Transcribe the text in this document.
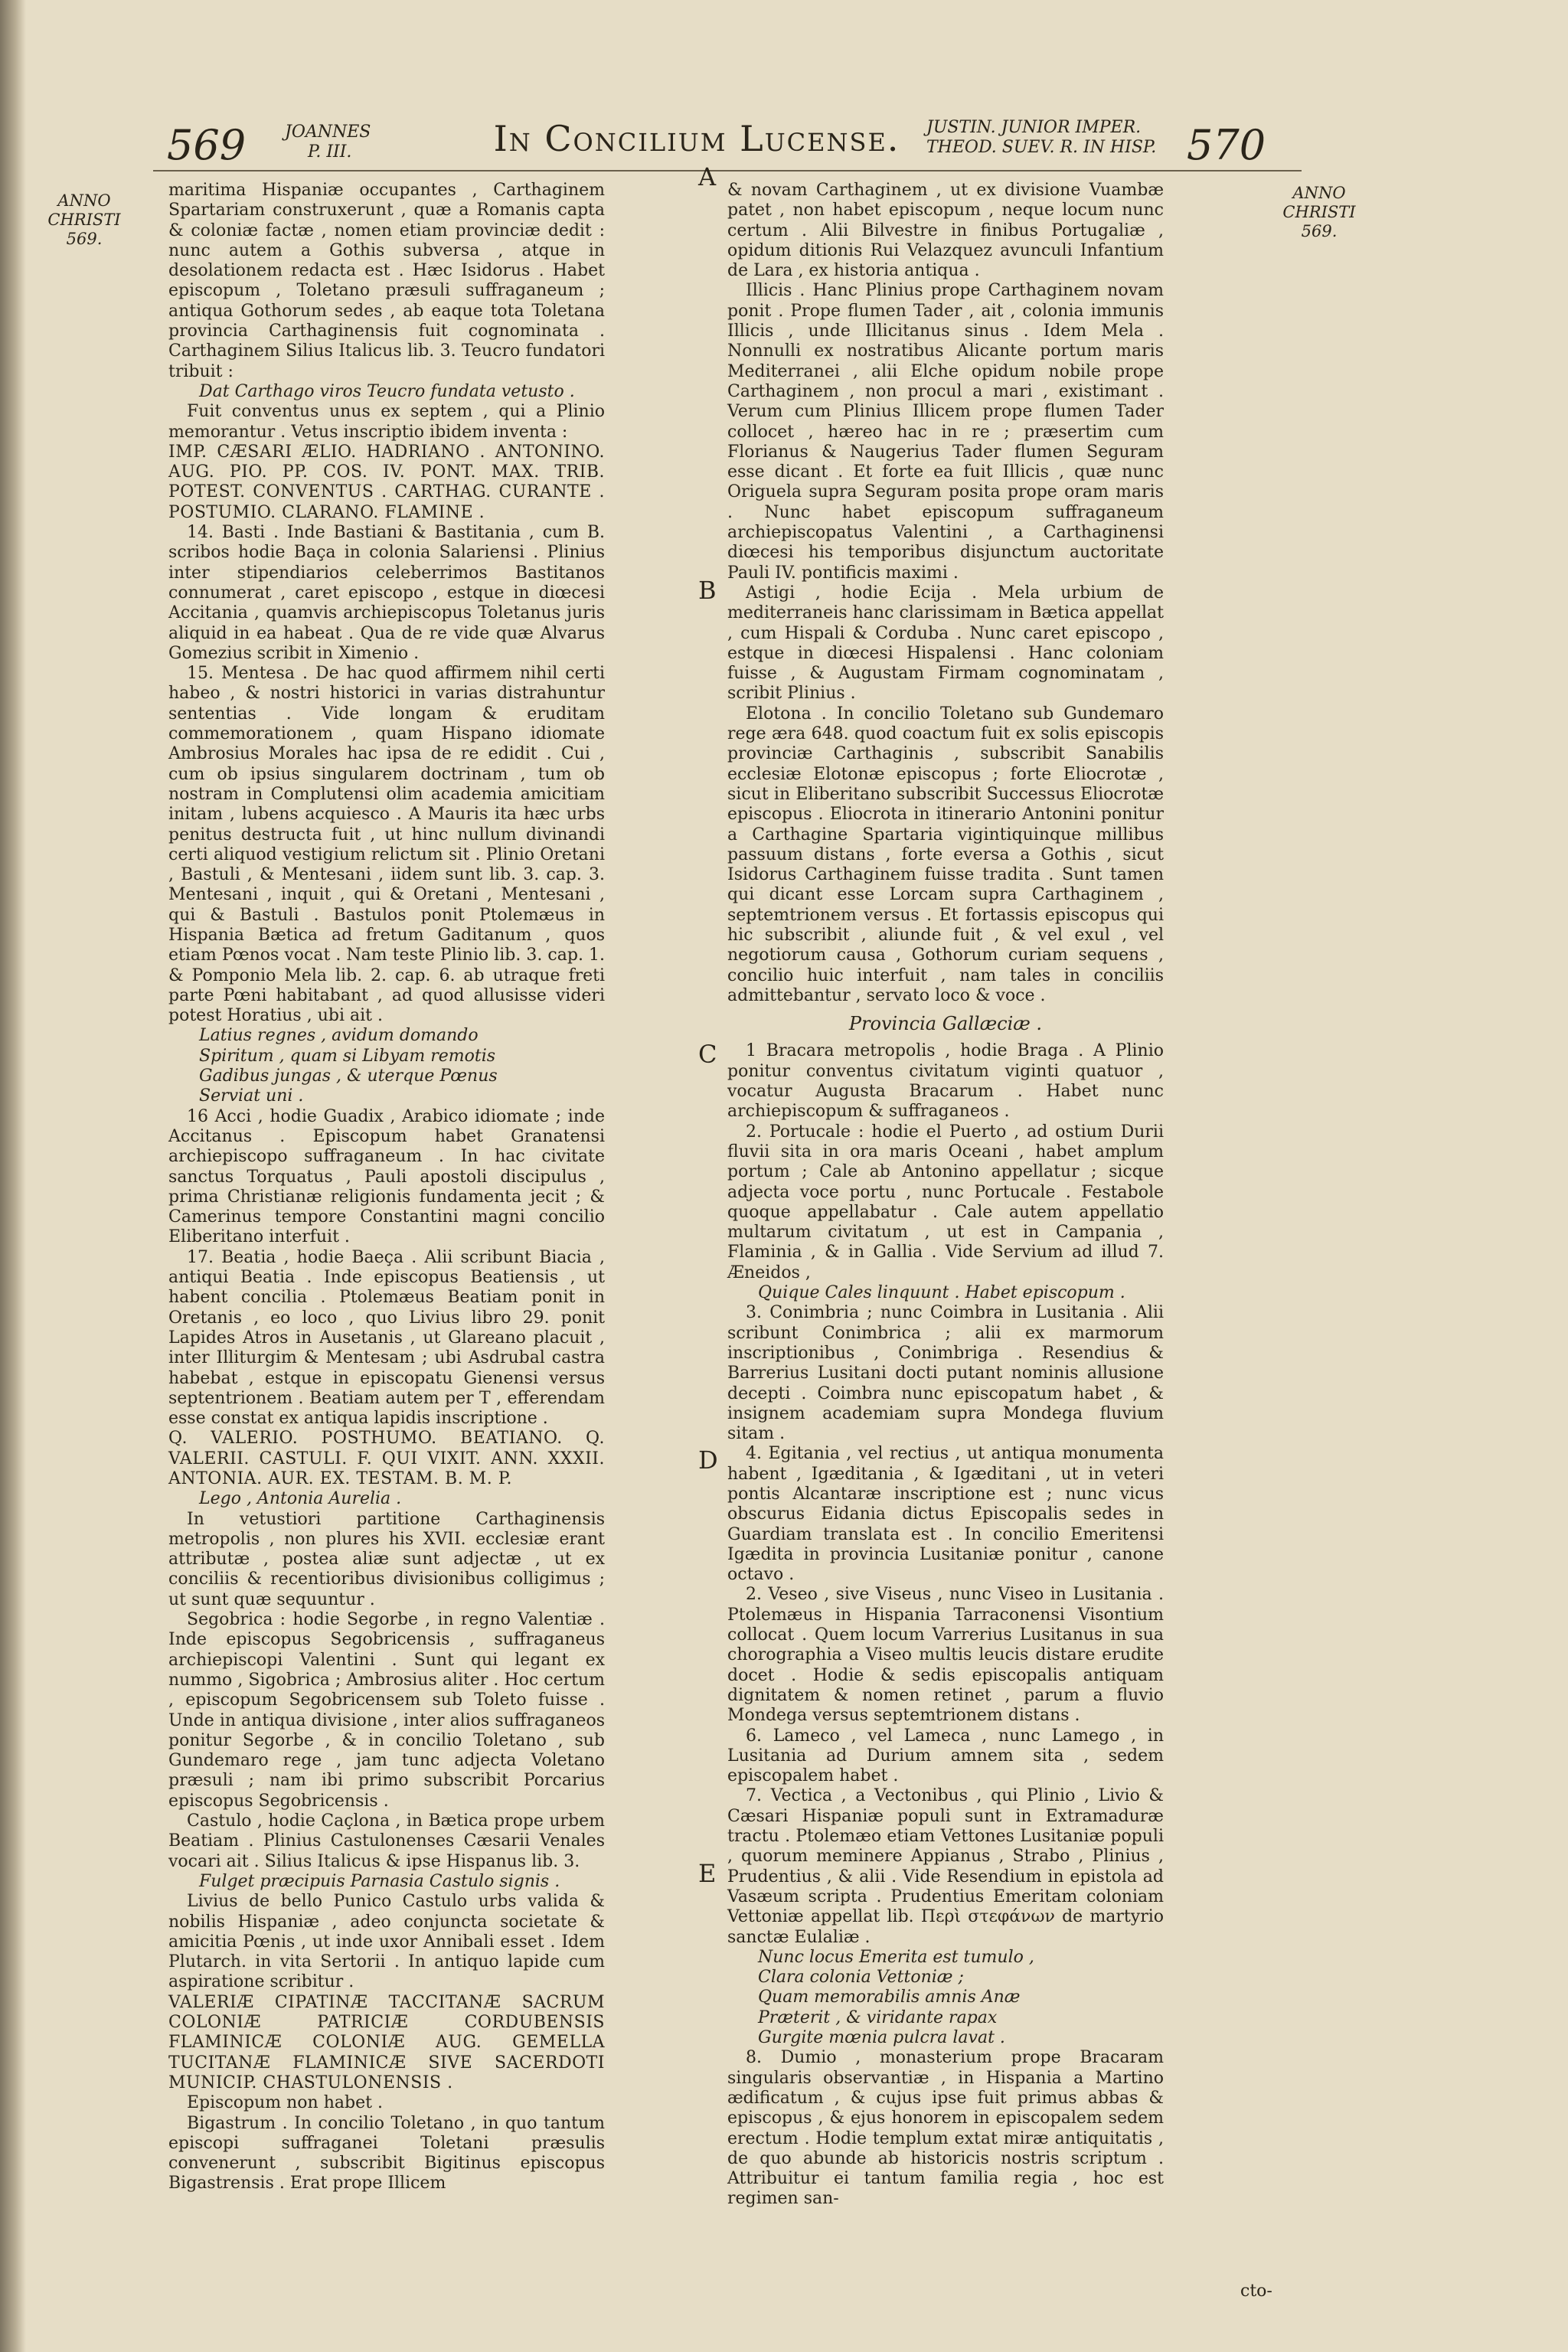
569 JOANNES
P. III.	In Concilium Lucense.	JUSTIN. JUNIOR IMPER.
THEOD. SUEV. R. IN HISP. 570
ANNO
CHRISTI
569.
ANNO
CHRISTI
569.
A
B
C
D
E

maritima Hispaniæ occupantes , Carthaginem Spartariam construxerunt , quæ a Romanis capta & coloniæ factæ , nomen etiam provinciæ dedit : nunc autem a Gothis subversa , atque in desolationem redacta est . Hæc Isidorus . Habet episcopum , Toletano præsuli suffraganeum ; antiqua Gothorum sedes , ab eaque tota Toletana provincia Carthaginensis fuit cognominata . Carthaginem Silius Italicus lib. 3. Teucro fundatori tribuit :

Dat Carthago viros Teucro fundata vetusto .

Fuit conventus unus ex septem , qui a Plinio memorantur . Vetus inscriptio ibidem inventa :

IMP. CÆSARI ÆLIO. HADRIANO . ANTONINO. AUG. PIO. PP. COS. IV. PONT. MAX. TRIB. POTEST. CONVENTUS . CARTHAG. CURANTE . POSTUMIO. CLARANO. FLAMINE .

14. Basti . Inde Bastiani & Bastitania , cum B. scribos hodie Baça in colonia Salariensi . Plinius inter stipendiarios celeberrimos Bastitanos connumerat , caret episcopo , estque in diœcesi Accitania , quamvis archiepiscopus Toletanus juris aliquid in ea habeat . Qua de re vide quæ Alvarus Gomezius scribit in Ximenio .

15. Mentesa . De hac quod affirmem nihil certi habeo , & nostri historici in varias distrahuntur sententias . Vide longam & eruditam commemorationem , quam Hispano idiomate Ambrosius Morales hac ipsa de re edidit . Cui , cum ob ipsius singularem doctrinam , tum ob nostram in Complutensi olim academia amicitiam initam , lubens acquiesco . A Mauris ita hæc urbs penitus destructa fuit , ut hinc nullum divinandi certi aliquod vestigium relictum sit . Plinio Oretani , Bastuli , & Mentesani , iidem sunt lib. 3. cap. 3. Mentesani , inquit , qui & Oretani , Mentesani , qui & Bastuli . Bastulos ponit Ptolemæus in Hispania Bætica ad fretum Gaditanum , quos etiam Pœnos vocat . Nam teste Plinio lib. 3. cap. 1. & Pomponio Mela lib. 2. cap. 6. ab utraque freti parte Pœni habitabant , ad quod allusisse videri potest Horatius , ubi ait .

Latius regnes , avidum domando

Spiritum , quam si Libyam remotis

Gadibus jungas , & uterque Pœnus

Serviat uni .

16 Acci , hodie Guadix , Arabico idiomate ; inde Accitanus . Episcopum habet Granatensi archiepiscopo suffraganeum . In hac civitate sanctus Torquatus , Pauli apostoli discipulus , prima Christianæ religionis fundamenta jecit ; & Camerinus tempore Constantini magni concilio Eliberitano interfuit .

17. Beatia , hodie Baeça . Alii scribunt Biacia , antiqui Beatia . Inde episcopus Beatiensis , ut habent concilia . Ptolemæus Beatiam ponit in Oretanis , eo loco , quo Livius libro 29. ponit Lapides Atros in Ausetanis , ut Glareano placuit , inter Illiturgim & Mentesam ; ubi Asdrubal castra habebat , estque in episcopatu Gienensi versus septentrionem . Beatiam autem per T , efferendam esse constat ex antiqua lapidis inscriptione .

Q. VALERIO. POSTHUMO. BEATIANO. Q. VALERII. CASTULI. F. QUI VIXIT. ANN. XXXII. ANTONIA. AUR. EX. TESTAM. B. M. P.

Lego , Antonia Aurelia .

In vetustiori partitione Carthaginensis metropolis , non plures his XVII. ecclesiæ erant attributæ , postea aliæ sunt adjectæ , ut ex conciliis & recentioribus divisionibus colligimus ; ut sunt quæ sequuntur .

Segobrica : hodie Segorbe , in regno Valentiæ . Inde episcopus Segobricensis , suffraganeus archiepiscopi Valentini . Sunt qui legant ex nummo , Sigobrica ; Ambrosius aliter . Hoc certum , episcopum Segobricensem sub Toleto fuisse . Unde in antiqua divisione , inter alios suffraganeos ponitur Segorbe , & in concilio Toletano , sub Gundemaro rege , jam tunc adjecta Voletano præsuli ; nam ibi primo subscribit Porcarius episcopus Segobricensis .

Castulo , hodie Caçlona , in Bætica prope urbem Beatiam . Plinius Castulonenses Cæsarii Venales vocari ait . Silius Italicus & ipse Hispanus lib. 3.

Fulget præcipuis Parnasia Castulo signis .

Livius de bello Punico Castulo urbs valida & nobilis Hispaniæ , adeo conjuncta societate & amicitia Pœnis , ut inde uxor Annibali esset . Idem Plutarch. in vita Sertorii . In antiquo lapide cum aspiratione scribitur .

VALERIÆ CIPATINÆ TACCITANÆ SACRUM COLONIÆ PATRICIÆ CORDUBENSIS FLAMINICÆ COLONIÆ AUG. GEMELLA TUCITANÆ FLAMINICÆ SIVE SACERDOTI MUNICIP. CHASTULONENSIS .

Episcopum non habet .

Bigastrum . In concilio Toletano , in quo tantum episcopi suffraganei Toletani præsulis convenerunt , subscribit Bigitinus episcopus Bigastrensis . Erat prope Illicem

& novam Carthaginem , ut ex divisione Vuambæ patet , non habet episcopum , neque locum nunc certum . Alii Bilvestre in finibus Portugaliæ , opidum ditionis Rui Velazquez avunculi Infantium de Lara , ex historia antiqua .

Illicis . Hanc Plinius prope Carthaginem novam ponit . Prope flumen Tader , ait , colonia immunis Illicis , unde Illicitanus sinus . Idem Mela . Nonnulli ex nostratibus Alicante portum maris Mediterranei , alii Elche opidum nobile prope Carthaginem , non procul a mari , existimant . Verum cum Plinius Illicem prope flumen Tader collocet , hæreo hac in re ; præsertim cum Florianus & Naugerius Tader flumen Seguram esse dicant . Et forte ea fuit Illicis , quæ nunc Origuela supra Seguram posita prope oram maris . Nunc habet episcopum suffraganeum archiepiscopatus Valentini , a Carthaginensi diœcesi his temporibus disjunctum auctoritate Pauli IV. pontificis maximi .

Astigi , hodie Ecija . Mela urbium de mediterraneis hanc clarissimam in Bætica appellat , cum Hispali & Corduba . Nunc caret episcopo , estque in diœcesi Hispalensi . Hanc coloniam fuisse , & Augustam Firmam cognominatam , scribit Plinius .

Elotona . In concilio Toletano sub Gundemaro rege æra 648. quod coactum fuit ex solis episcopis provinciæ Carthaginis , subscribit Sanabilis ecclesiæ Elotonæ episcopus ; forte Eliocrotæ , sicut in Eliberitano subscribit Successus Eliocrotæ episcopus . Eliocrota in itinerario Antonini ponitur a Carthagine Spartaria vigintiquinque millibus passuum distans , forte eversa a Gothis , sicut Isidorus Carthaginem fuisse tradita . Sunt tamen qui dicant esse Lorcam supra Carthaginem , septemtrionem versus . Et fortassis episcopus qui hic subscribit , aliunde fuit , & vel exul , vel negotiorum causa , Gothorum curiam sequens , concilio huic interfuit , nam tales in conciliis admittebantur , servato loco & voce .

Provincia Gallæciæ .

1 Bracara metropolis , hodie Braga . A Plinio ponitur conventus civitatum viginti quatuor , vocatur Augusta Bracarum . Habet nunc archiepiscopum & suffraganeos .

2. Portucale : hodie el Puerto , ad ostium Durii fluvii sita in ora maris Oceani , habet amplum portum ; Cale ab Antonino appellatur ; sicque adjecta voce portu , nunc Portucale . Festabole quoque appellabatur . Cale autem appellatio multarum civitatum , ut est in Campania , Flaminia , & in Gallia . Vide Servium ad illud 7. Æneidos ,

Quique Cales linquunt . Habet episcopum .

3. Conimbria ; nunc Coimbra in Lusitania . Alii scribunt Conimbrica ; alii ex marmorum inscriptionibus , Conimbriga . Resendius & Barrerius Lusitani docti putant nominis allusione decepti . Coimbra nunc episcopatum habet , & insignem academiam supra Mondega fluvium sitam .

4. Egitania , vel rectius , ut antiqua monumenta habent , Igæditania , & Igæditani , ut in veteri pontis Alcantaræ inscriptione est ; nunc vicus obscurus Eidania dictus Episcopalis sedes in Guardiam translata est . In concilio Emeritensi Igædita in provincia Lusitaniæ ponitur , canone octavo .

2. Veseo , sive Viseus , nunc Viseo in Lusitania . Ptolemæus in Hispania Tarraconensi Visontium collocat . Quem locum Varrerius Lusitanus in sua chorographia a Viseo multis leucis distare erudite docet . Hodie & sedis episcopalis antiquam dignitatem & nomen retinet , parum a fluvio Mondega versus septemtrionem distans .

6. Lameco , vel Lameca , nunc Lamego , in Lusitania ad Durium amnem sita , sedem episcopalem habet .

7. Vectica , a Vectonibus , qui Plinio , Livio & Cæsari Hispaniæ populi sunt in Extramaduræ tractu . Ptolemæo etiam Vettones Lusitaniæ populi , quorum meminere Appianus , Strabo , Plinius , Prudentius , & alii . Vide Resendium in epistola ad Vasæum scripta . Prudentius Emeritam coloniam Vettoniæ appellat lib. Περὶ στεφάνων de martyrio sanctæ Eulaliæ .

Nunc locus Emerita est tumulo ,

Clara colonia Vettoniæ ;

Quam memorabilis amnis Anæ

Præterit , & viridante rapax

Gurgite mœnia pulcra lavat .

8. Dumio , monasterium prope Bracaram singularis observantiæ , in Hispania a Martino ædificatum , & cujus ipse fuit primus abbas & episcopus , & ejus honorem in episcopalem sedem erectum . Hodie templum extat miræ antiquitatis , de quo abunde ab historicis nostris scriptum . Attribuitur ei tantum familia regia , hoc est regimen san-

cto-
